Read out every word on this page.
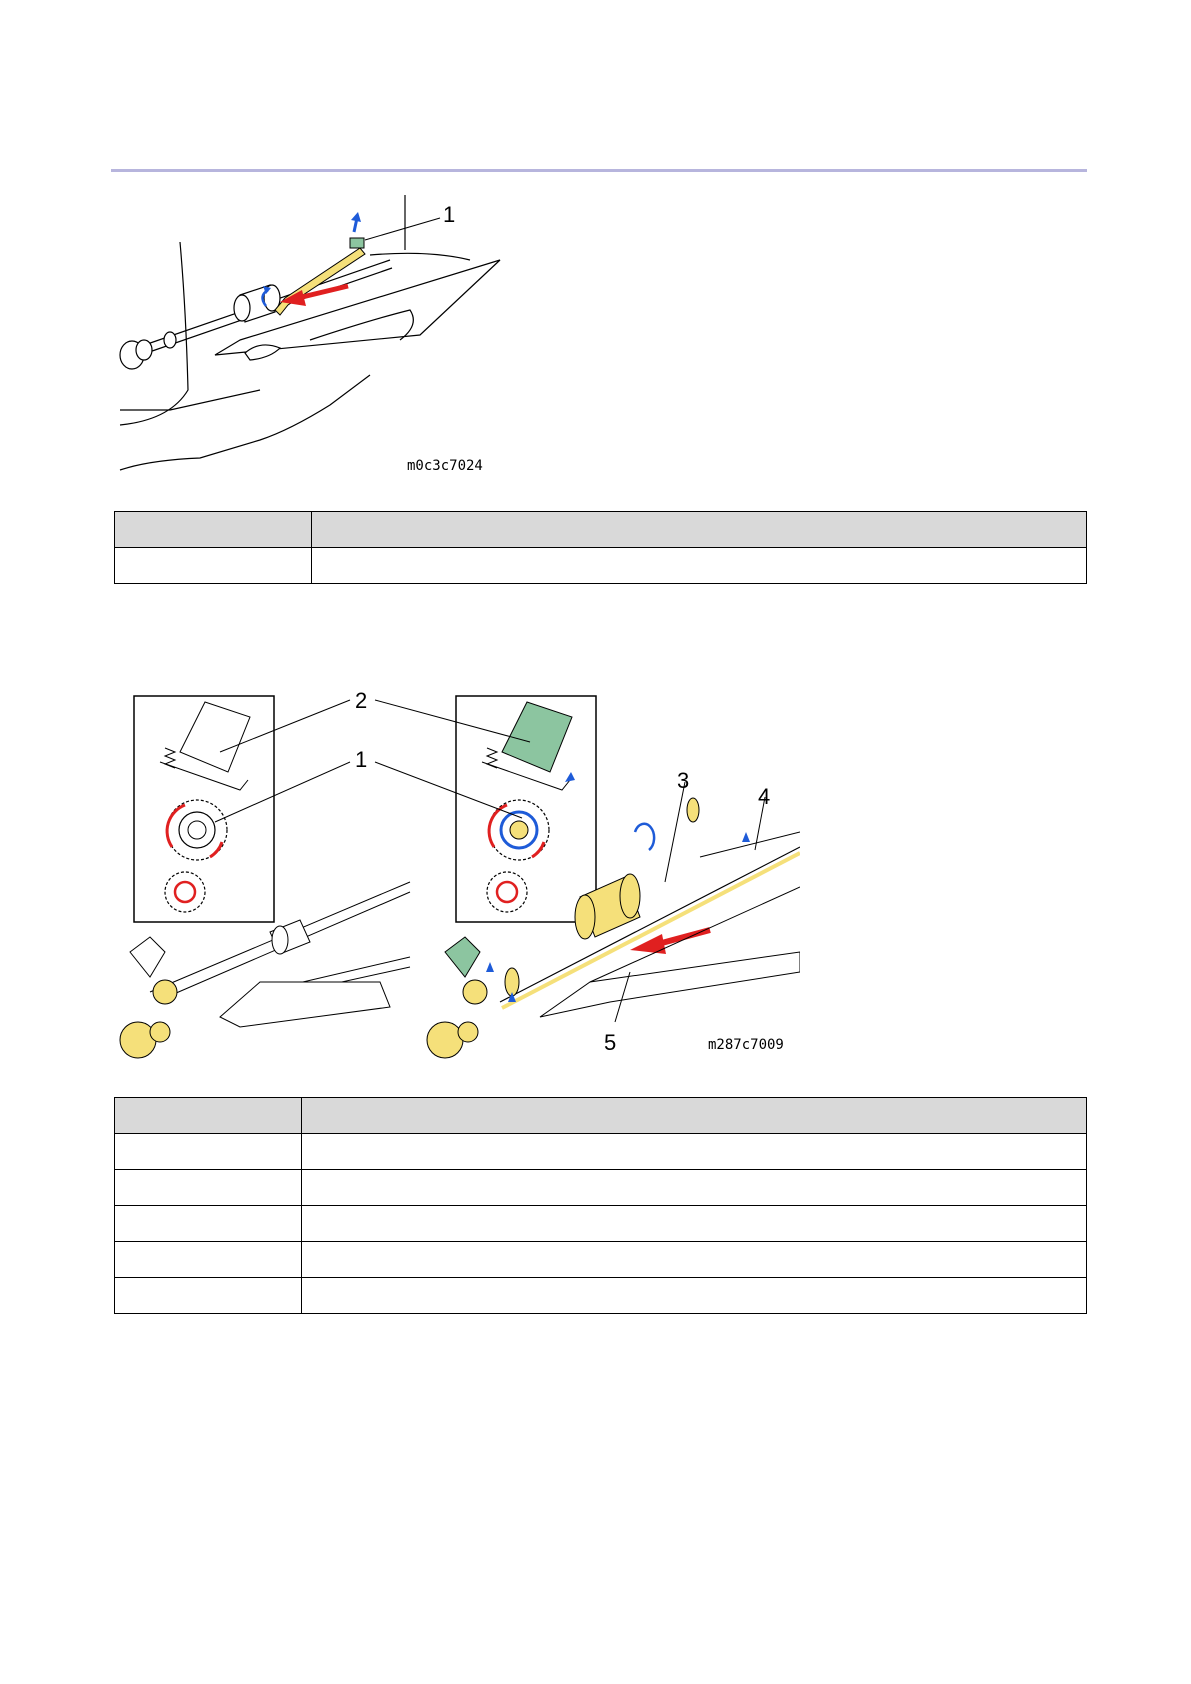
1
m0c3c7024

2
1
3
4
5	m287c7009
